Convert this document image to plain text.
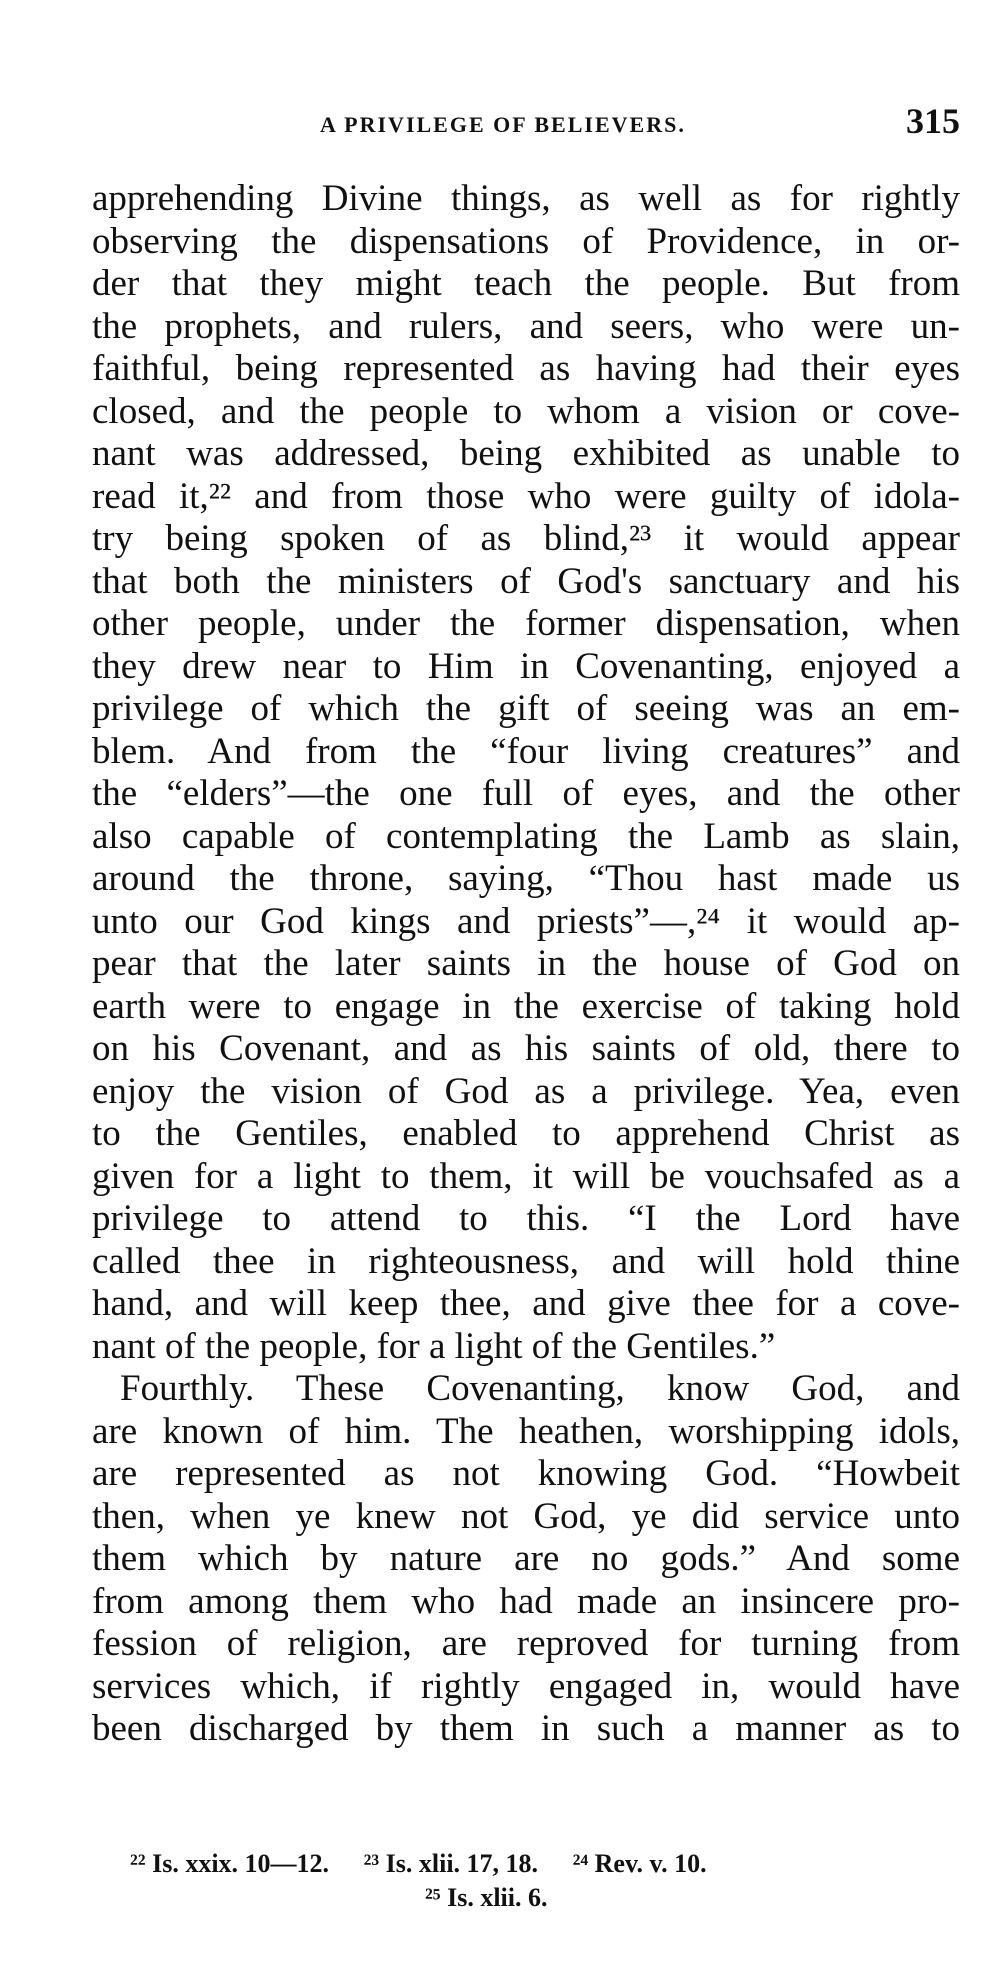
A PRIVILEGE OF BELIEVERS.	315
apprehending Divine things, as well as for rightly
observing the dispensations of Providence, in or-
der that they might teach the people. But from
the prophets, and rulers, and seers, who were un-
faithful, being represented as having had their eyes
closed, and the people to whom a vision or cove-
nant was addressed, being exhibited as unable to
read it,²² and from those who were guilty of idola-
try being spoken of as blind,²³ it would appear
that both the ministers of God's sanctuary and his
other people, under the former dispensation, when
they drew near to Him in Covenanting, enjoyed a
privilege of which the gift of seeing was an em-
blem. And from the “four living creatures” and
the “elders”—the one full of eyes, and the other
also capable of contemplating the Lamb as slain,
around the throne, saying, “Thou hast made us
unto our God kings and priests”—,²⁴ it would ap-
pear that the later saints in the house of God on
earth were to engage in the exercise of taking hold
on his Covenant, and as his saints of old, there to
enjoy the vision of God as a privilege. Yea, even
to the Gentiles, enabled to apprehend Christ as
given for a light to them, it will be vouchsafed as a
privilege to attend to this. “I the Lord have
called thee in righteousness, and will hold thine
hand, and will keep thee, and give thee for a cove-
nant of the people, for a light of the Gentiles.”
Fourthly. These Covenanting, know God, and
are known of him. The heathen, worshipping idols,
are represented as not knowing God. “Howbeit
then, when ye knew not God, ye did service unto
them which by nature are no gods.” And some
from among them who had made an insincere pro-
fession of religion, are reproved for turning from
services which, if rightly engaged in, would have
been discharged by them in such a manner as to
²² Is. xxix. 10—12. ²³ Is. xlii. 17, 18. ²⁴ Rev. v. 10.
²⁵ Is. xlii. 6.
